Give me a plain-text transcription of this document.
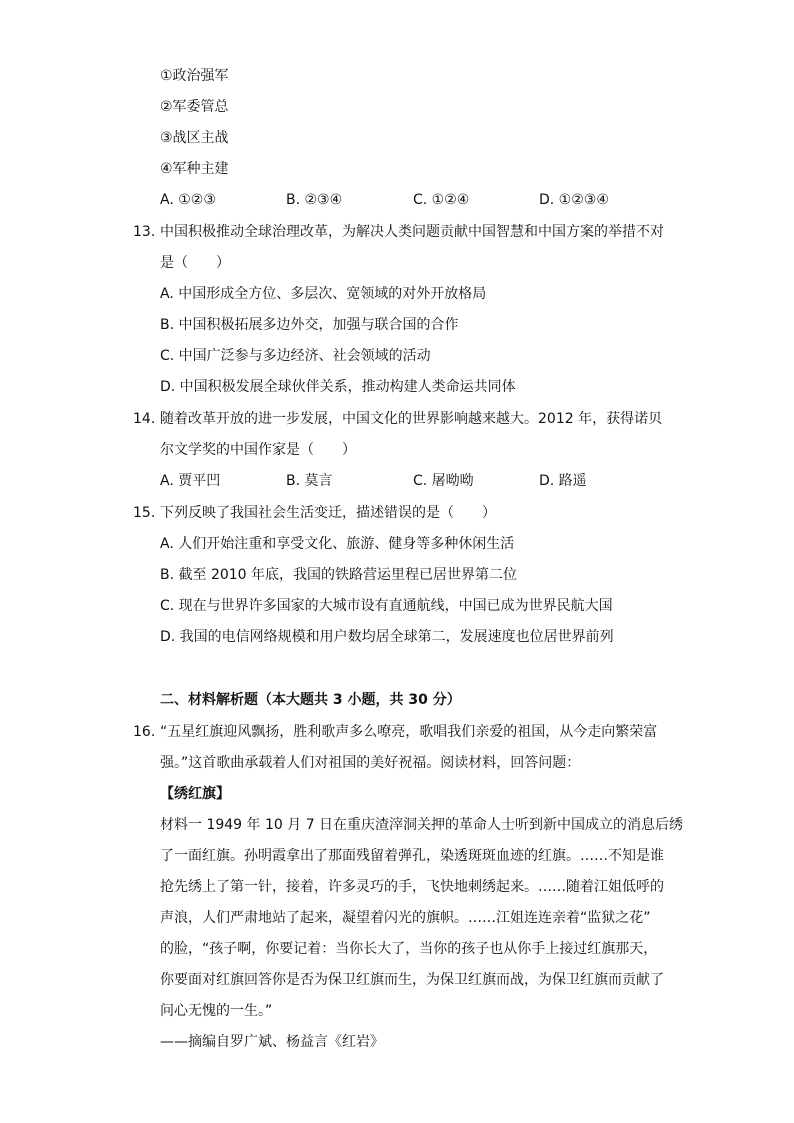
①政治强军
②军委管总
③战区主战
④军种主建
A. ①②③	B. ②③④	C. ①②④	D. ①②③④
13. 中国积极推动全球治理改革，为解决人类问题贡献中国智慧和中国方案的举措不对
是（　　）
A. 中国形成全方位、多层次、宽领域的对外开放格局
B. 中国积极拓展多边外交，加强与联合国的合作
C. 中国广泛参与多边经济、社会领域的活动
D. 中国积极发展全球伙伴关系，推动构建人类命运共同体
14. 随着改革开放的进一步发展，中国文化的世界影响越来越大。2012 年，获得诺贝
尔文学奖的中国作家是（　　）
A. 贾平凹	B. 莫言	C. 屠呦呦	D. 路遥
15. 下列反映了我国社会生活变迁，描述错误的是（　　）
A. 人们开始注重和享受文化、旅游、健身等多种休闲生活
B. 截至 2010 年底，我国的铁路营运里程已居世界第二位
C. 现在与世界许多国家的大城市设有直通航线，中国已成为世界民航大国
D. 我国的电信网络规模和用户数均居全球第二，发展速度也位居世界前列
二、材料解析题（本大题共 3 小题，共 30 分）
16. “五星红旗迎风飘扬，胜利歌声多么嘹亮，歌唱我们亲爱的祖国，从今走向繁荣富
强。”这首歌曲承载着人们对祖国的美好祝福。阅读材料，回答问题：
【绣红旗】
材料一 1949 年 10 月 7 日在重庆渣滓洞关押的革命人士听到新中国成立的消息后绣
了一面红旗。孙明霞拿出了那面残留着弹孔，染透斑斑血迹的红旗。……不知是谁
抢先绣上了第一针，接着，许多灵巧的手，飞快地刺绣起来。……随着江姐低呼的
声浪，人们严肃地站了起来，凝望着闪光的旗帜。……江姐连连亲着“监狱之花”
的脸，“孩子啊，你要记着：当你长大了，当你的孩子也从你手上接过红旗那天，
你要面对红旗回答你是否为保卫红旗而生，为保卫红旗而战，为保卫红旗而贡献了
问心无愧的一生。”
——摘编自罗广斌、杨益言《红岩》
